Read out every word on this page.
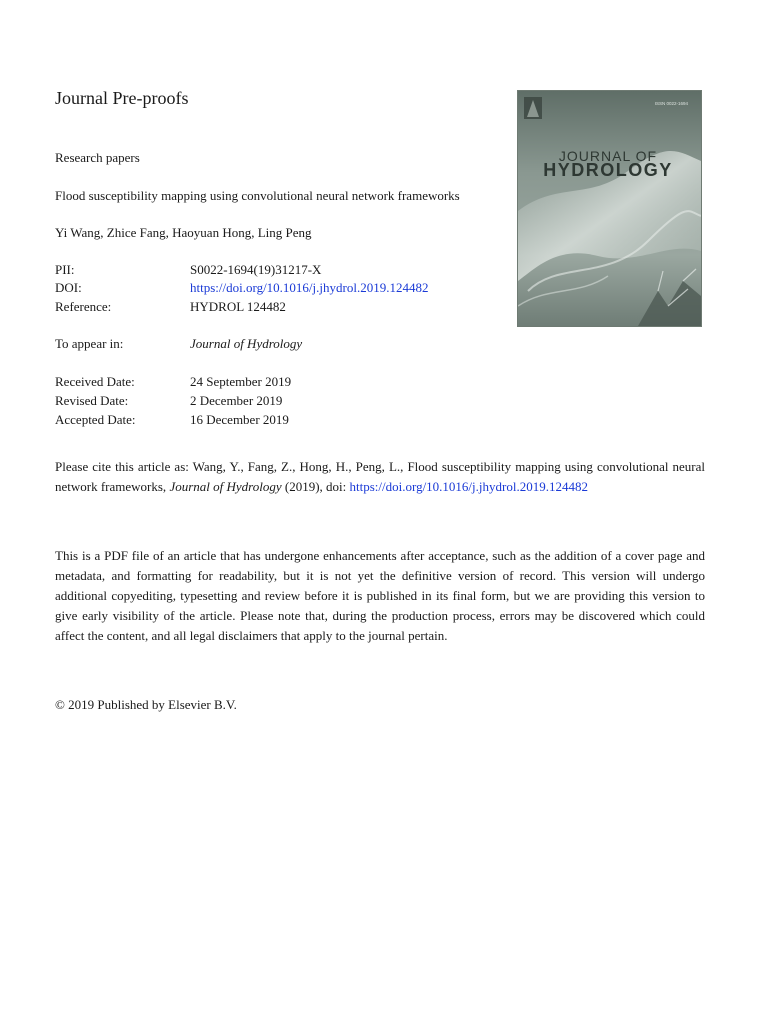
Journal Pre-proofs
Research papers
Flood susceptibility mapping using convolutional neural network frameworks
Yi Wang, Zhice Fang, Haoyuan Hong, Ling Peng
PII:	S0022-1694(19)31217-X
DOI:	https://doi.org/10.1016/j.jhydrol.2019.124482
Reference:	HYDROL 124482
To appear in:	Journal of Hydrology
Received Date:	24 September 2019
Revised Date:	2 December 2019
Accepted Date:	16 December 2019
Please cite this article as: Wang, Y., Fang, Z., Hong, H., Peng, L., Flood susceptibility mapping using convolutional neural network frameworks, Journal of Hydrology (2019), doi: https://doi.org/10.1016/j.jhydrol.2019.124482
This is a PDF file of an article that has undergone enhancements after acceptance, such as the addition of a cover page and metadata, and formatting for readability, but it is not yet the definitive version of record. This version will undergo additional copyediting, typesetting and review before it is published in its final form, but we are providing this version to give early visibility of the article. Please note that, during the production process, errors may be discovered which could affect the content, and all legal disclaimers that apply to the journal pertain.
© 2019 Published by Elsevier B.V.
ISSN 0022-1694
JOURNAL OF
HYDROLOGY
